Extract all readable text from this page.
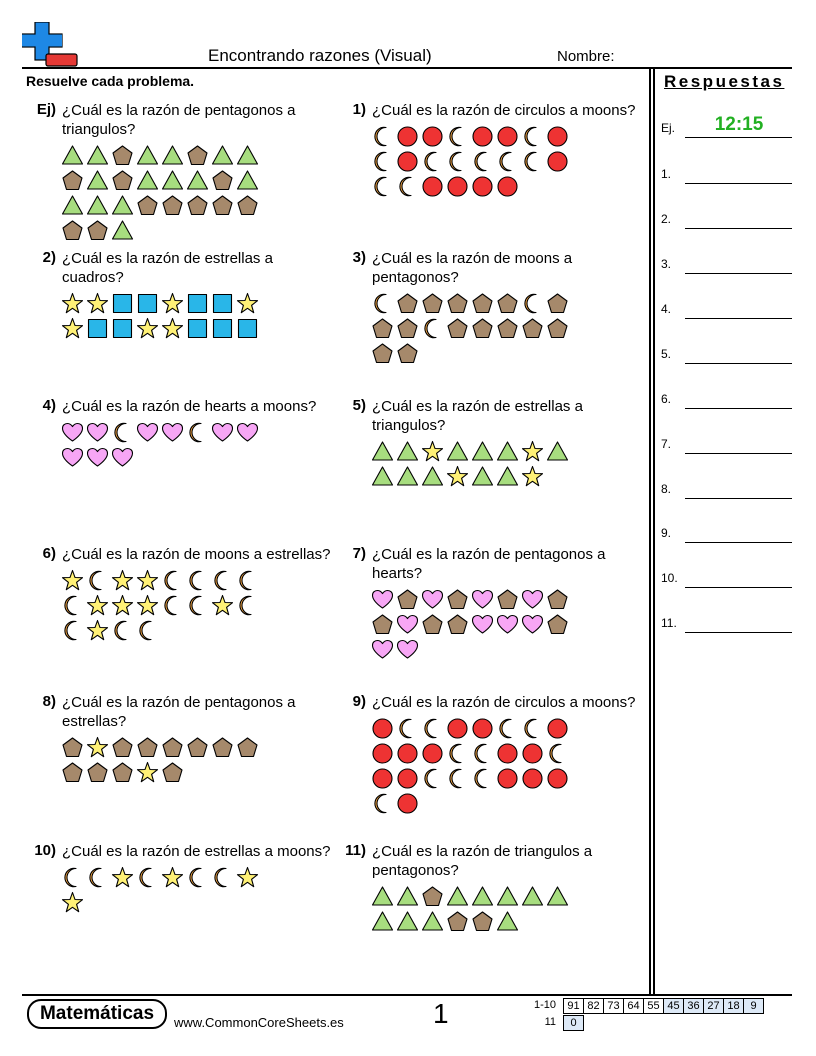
Encontrando razones (Visual)	Nombre:
Resuelve cada problema.	Respuestas
Ej.	12:15
1.
2.
3.
4.
5.
6.
7.
8.
9.
10.
11.
Ej) ¿Cuál es la razón de pentagonos a triangulos?
1) ¿Cuál es la razón de circulos a moons?
2) ¿Cuál es la razón de estrellas a cuadros?
3) ¿Cuál es la razón de moons a pentagonos?
4) ¿Cuál es la razón de hearts a moons?	5) ¿Cuál es la razón de estrellas a triangulos?
6) ¿Cuál es la razón de moons a estrellas?	7) ¿Cuál es la razón de pentagonos a hearts?
8) ¿Cuál es la razón de pentagonos a estrellas?
9) ¿Cuál es la razón de circulos a moons?
10) ¿Cuál es la razón de estrellas a moons? 11) ¿Cuál es la razón de triangulos a pentagonos?
Matemáticas	www.CommonCoreSheets.es	1	1-10	91 82 73 64 55 45 36 27 18 9
11	0
